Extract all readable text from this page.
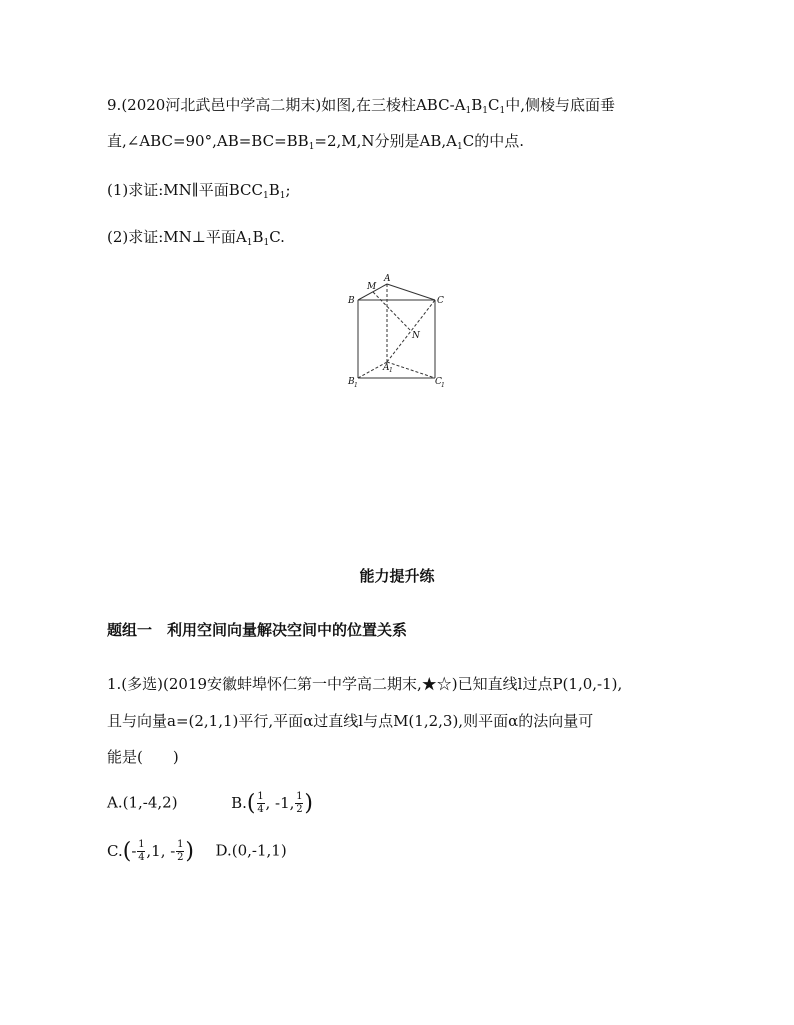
9.(2020河北武邑中学高二期末)如图,在三棱柱ABC-$A_1B_1C_1$中,侧棱与底面垂
直$,\angle ABC=90^\circ,AB=BC=BB_1=2,M,N$分别是$AB,A_1C$的中点.
(1)求证:MN∥平面$BCC_1B_1$;
(2)求证:MN⊥平面$A_1B_1C$.
A
M
B	C
N
A 1
B 1	C 1
能力提升练
题组一　利用空间向量解决空间中的位置关系
1.(多选)(2019安徽蚌埠怀仁第一中学高二期末,★☆)已知直线l过点P(1,0,-1),
且与向量a=(2,1,1)平行,平面α过直线l与点M(1,2,3),则平面α的法向量可
能是(　　)
A.(1,-4,2)	$B.( \frac{1}{4}$ , -1, $\frac{1}{2}$ )
$C.(- \frac{1}{4} ,1$, - $\frac{1}{2}$ ) D.(0,-1,1)
